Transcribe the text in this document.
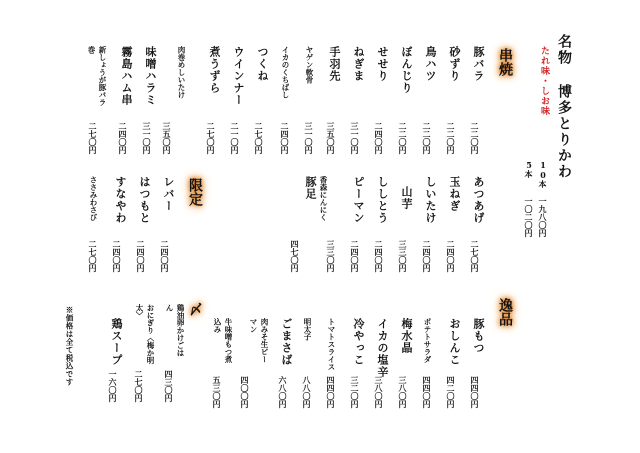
名物 博多とりかわ
たれ味・しお味
10本
5本
一九八〇円
一〇二〇円
串焼
限定
逸品
〆
豚バラ
砂ずり
鳥ハツ
ぼんじり
せせり
ねぎま
手羽先
ヤゲン軟骨
イカのくちばし
つくね
ウインナー
煮うずら
肉巻めしいたけ
味噌ハラミ
霧島ハム串
新しょうが豚バラ巻
二二〇円
二二〇円
二二〇円
二二〇円
二四〇円
三一〇円
三五〇円
三一〇円
二四〇円
二七〇円
二一〇円
二七〇円
三五〇円
三一〇円
二四〇円
二七〇円
あつあげ
玉ねぎ
しいたけ
山芋
ししとう
ピーマン
香森にんにく
豚足
ささみわさび
二七〇円
二四〇円
二四〇円
三三〇円
二四〇円
二四〇円
三三〇円
四七〇円
二七〇円
レバー
はつもと
すなやわ
二四〇円
二四〇円
二四〇円
豚もつ
おしんこ
ポテトサラダ
梅水晶
イカの塩辛
冷やっこ
トマトスライス
明太子
ごまさば
肉みそ生ピーマン
牛味噌もつ煮込み
四四〇円
四二〇円
四四〇円
三八〇円
三八〇円
三二〇円
四四〇円
八八〇円
六八〇円
四〇〇円
五三〇円
鶏油卵かけごはん
おにぎり〈梅か明太〉
鶏スープ
四三〇円
二七〇円
一六〇円
※価格は全て税込です
